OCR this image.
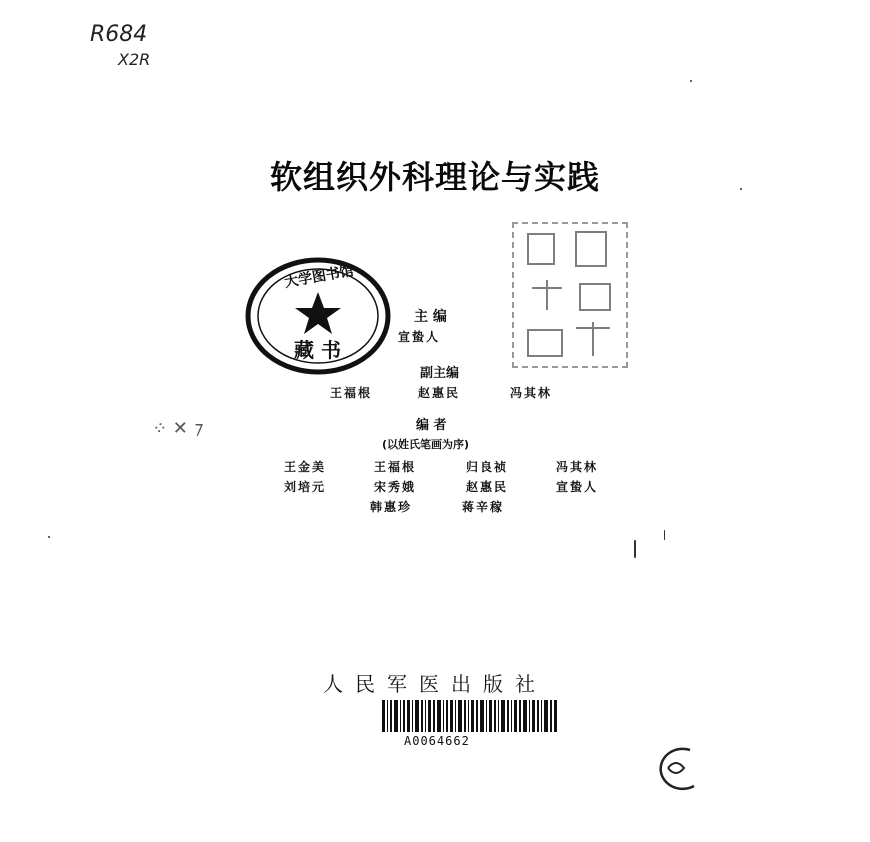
R684
X2R
软组织外科理论与实践
大学图书馆
藏 书
主 编
宣蛰人
副主编
王福根	赵惠民	冯其林
编 者
(以姓氏笔画为序)
王金美	王福根	归良祯	冯其林
刘培元	宋秀娥	赵惠民	宣蛰人
韩惠珍	蒋辛稼
人民军医出版社
A0064662
⁘ ✕ ⁊
